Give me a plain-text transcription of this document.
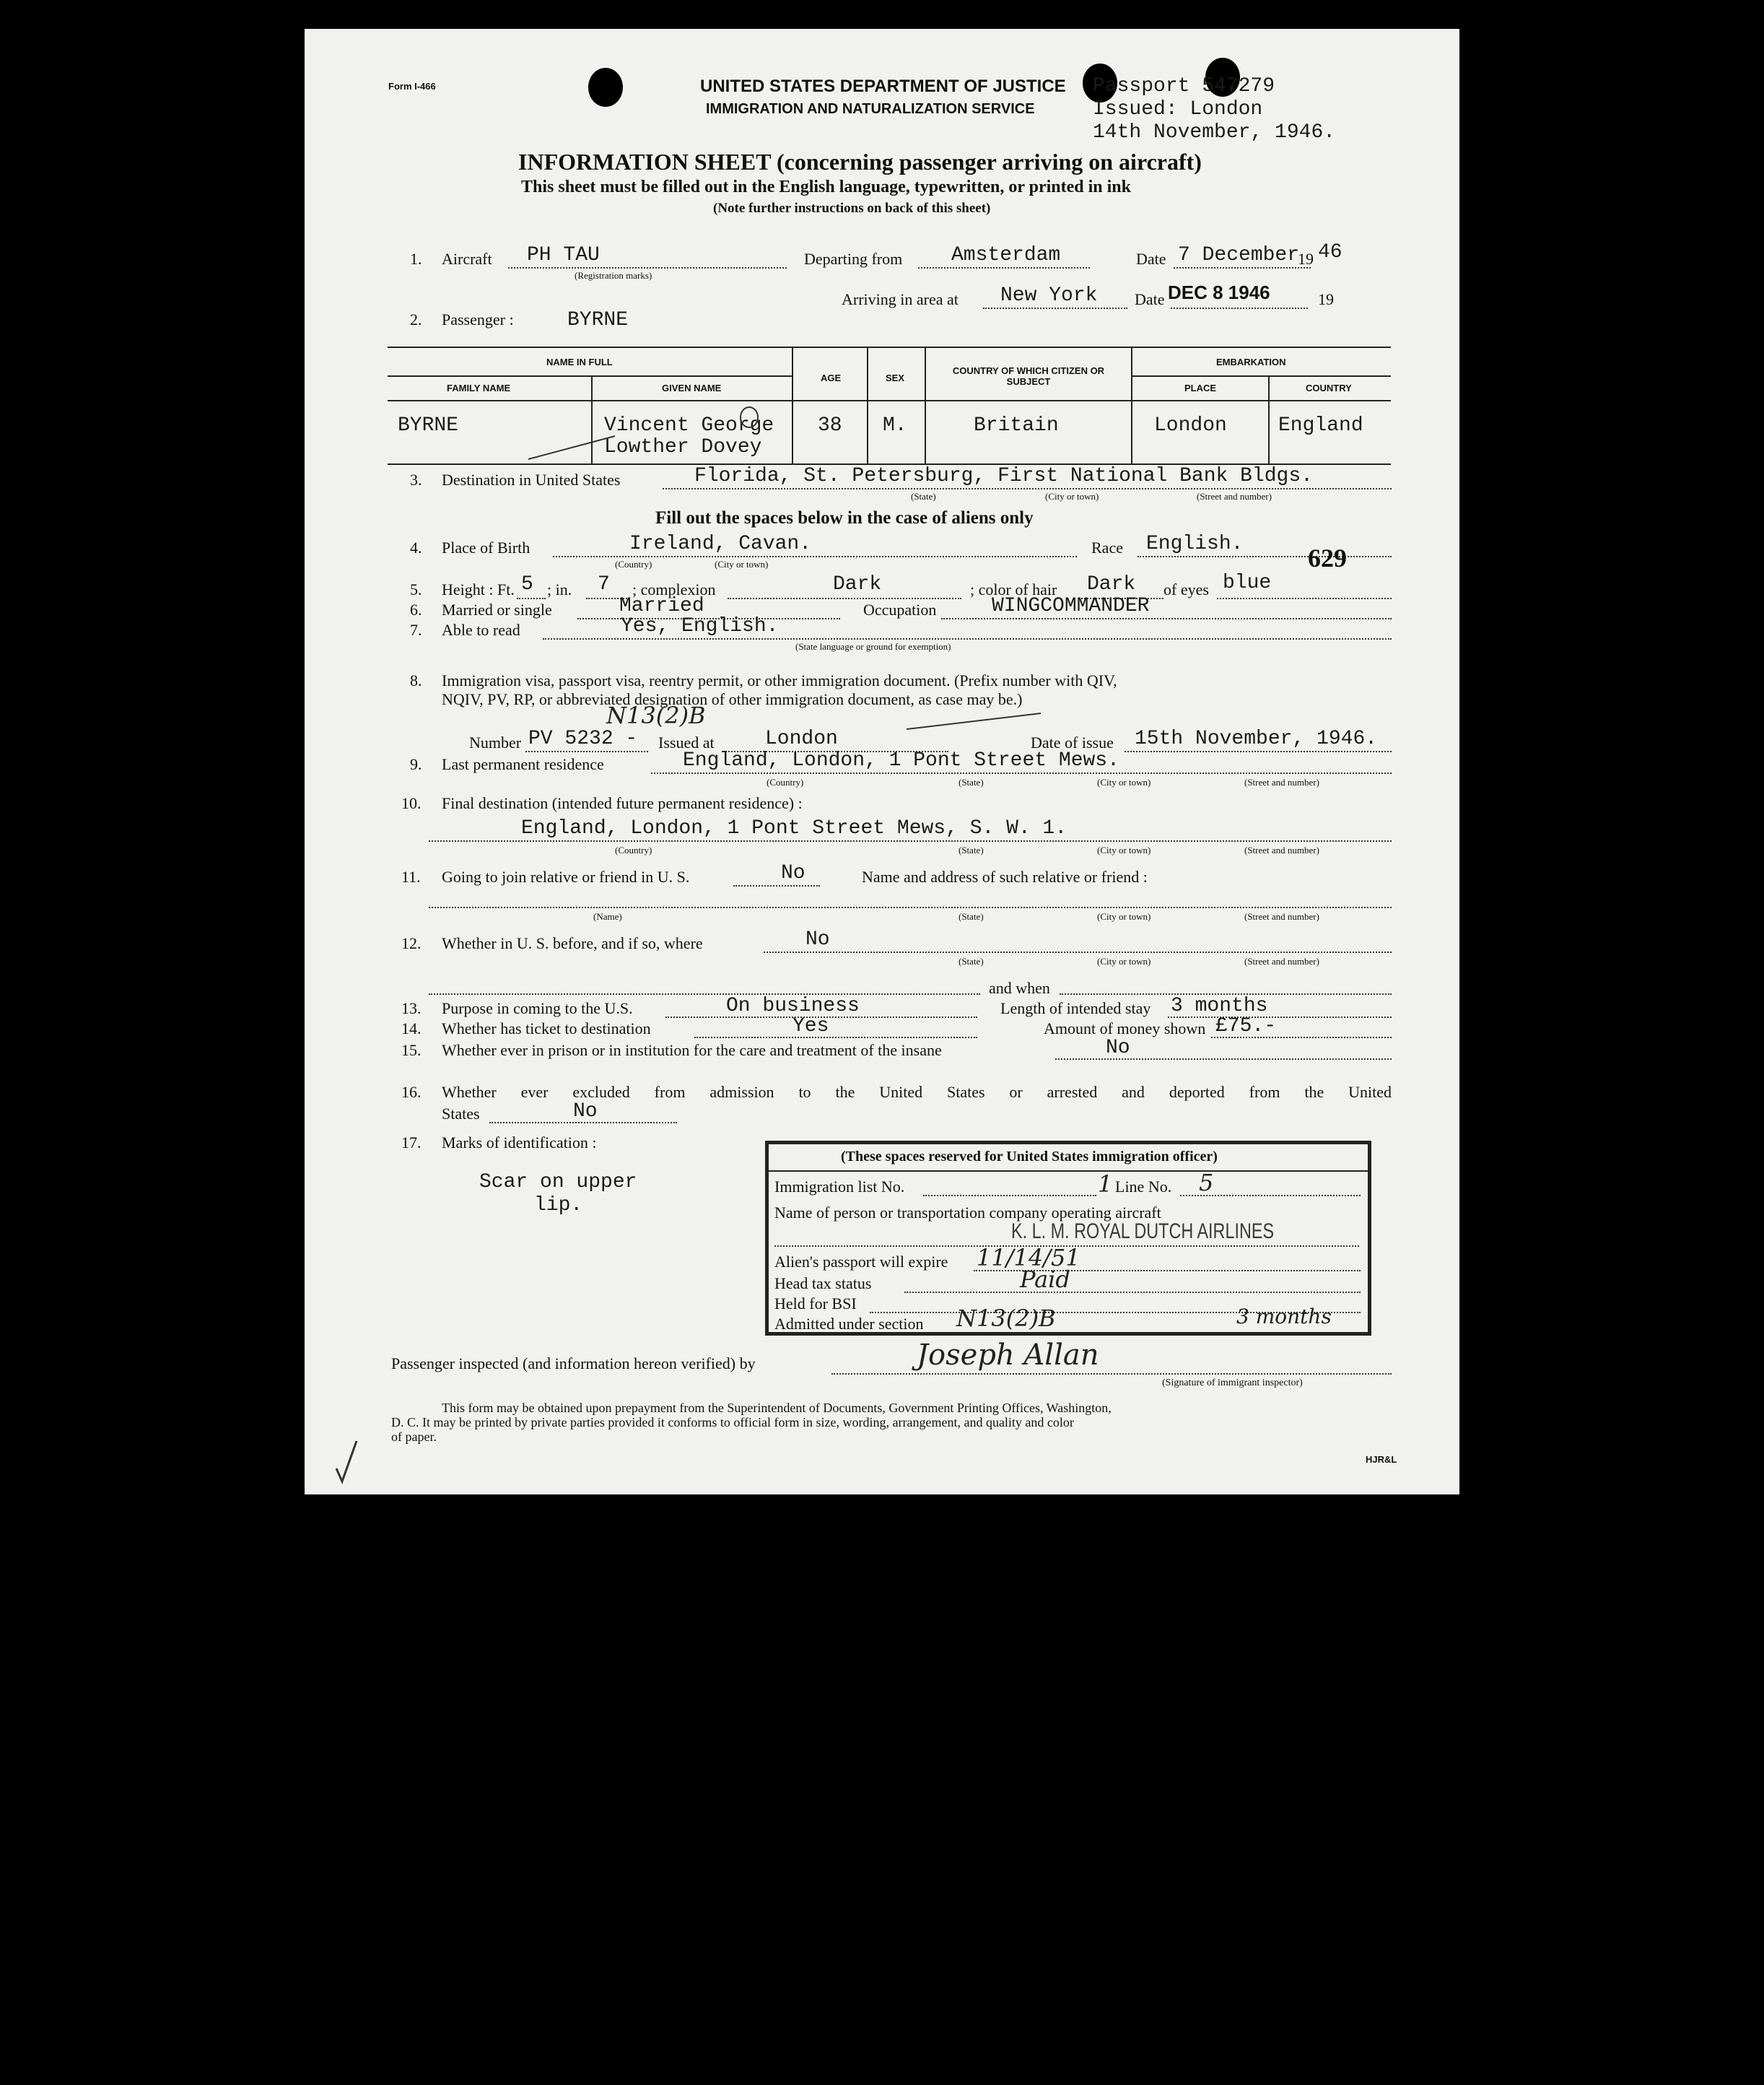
Form I-466	UNITED STATES DEPARTMENT OF JUSTICE
IMMIGRATION AND NATURALIZATION SERVICE
Passport 547279
Issued: London
14th November, 1946.
INFORMATION SHEET (concerning passenger arriving on aircraft)
This sheet must be filled out in the English language, typewritten, or printed in ink
(Note further instructions on back of this sheet)
1. Aircraft PH TAU
(Registration marks)
Departing from Amsterdam	Date 7 December
19 46
Arriving in area at New York Date DEC 8 1946	19
2. Passenger :	BYRNE
NAME IN FULL
FAMILY NAME	GIVEN NAME
AGE	SEX
COUNTRY OF WHICH CITIZEN OR SUBJECT
EMBARKATION
PLACE	COUNTRY
BYRNE	Vincent George
Lowther Dovey
38 M.	Britain	London	England
3. Destination in United States	Florida, St. Petersburg, First National Bank Bldgs.
(State)	(City or town)	(Street and number)
Fill out the spaces below in the case of aliens only
4. Place of Birth	Ireland, Cavan.
(Country)	(City or town)
Race English. 629
5. Height : Ft. 5 ; in. 7 ; complexion	Dark	; color of hair Dark of eyes blue
6. Married or single	Married	Occupation	WINGCOMMANDER
7. Able to read	Yes, English.
(State language or ground for exemption)
8. Immigration visa, passport visa, reentry permit, or other immigration document. (Prefix number with QIV,
NQIV, PV, RP, or abbreviated designation of other immigration document, as case may be.)
N13(2)B
Number PV 5232 - Issued at	London	Date of issue 15th November, 1946.
9. Last permanent residence	England, London, 1 Pont Street Mews.
(Country)	(State)	(City or town)	(Street and number)
10. Final destination (intended future permanent residence) :
England, London, 1 Pont Street Mews, S. W. 1.
(Country)	(State)	(City or town)	(Street and number)
11. Going to join relative or friend in U. S.	No	Name and address of such relative or friend :
(Name)	(State)	(City or town)	(Street and number)
12. Whether in U. S. before, and if so, where	No
(State)	(City or town)	(Street and number)
and when
13. Purpose in coming to the U.S.	On business	Length of intended stay 3 months
14. Whether has ticket to destination	Yes	Amount of money shown £75.-
15. Whether ever in prison or in institution for the care and treatment of the insane	No
16. Whether ever excluded from admission to the United States or arrested and deported from the United
States	No
17. Marks of identification :
Scar on upper
lip.
(These spaces reserved for United States immigration officer)
Immigration list No.	1 Line No. 5
Name of person or transportation company operating aircraft
K. L. M. ROYAL DUTCH AIRLINES
Alien's passport will expire 11/14/51
Head tax status	Paid
Held for BSI
Admitted under section N13(2)B	3 months
Passenger inspected (and information hereon verified) by	Joseph Allan
(Signature of immigrant inspector)
This form may be obtained upon prepayment from the Superintendent of Documents, Government Printing Offices, Washington,
D. C. It may be printed by private parties provided it conforms to official form in size, wording, arrangement, and quality and color
of paper.
HJR&L
